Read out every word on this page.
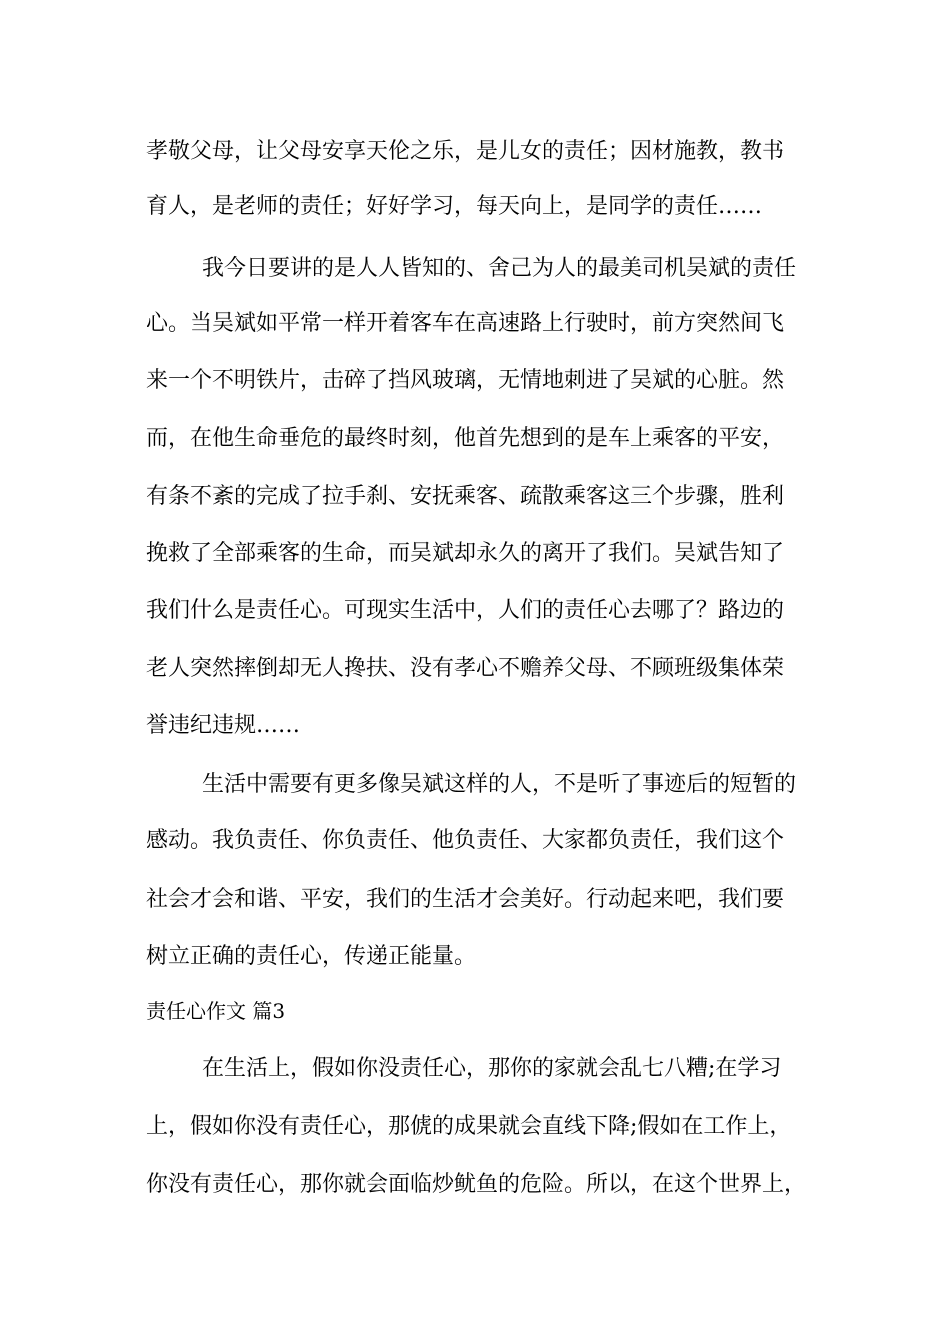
孝敬父母，让父母安享天伦之乐，是儿女的责任；因材施教，教书
育人，是老师的责任；好好学习，每天向上，是同学的责任……
我今日要讲的是人人皆知的、舍己为人的最美司机吴斌的责任
心。当吴斌如平常一样开着客车在高速路上行驶时，前方突然间飞
来一个不明铁片，击碎了挡风玻璃，无情地刺进了吴斌的心脏。然
而，在他生命垂危的最终时刻，他首先想到的是车上乘客的平安，
有条不紊的完成了拉手刹、安抚乘客、疏散乘客这三个步骤，胜利
挽救了全部乘客的生命，而吴斌却永久的离开了我们。吴斌告知了
我们什么是责任心。可现实生活中，人们的责任心去哪了？路边的
老人突然摔倒却无人搀扶、没有孝心不赡养父母、不顾班级集体荣
誉违纪违规……
生活中需要有更多像吴斌这样的人，不是听了事迹后的短暂的
感动。我负责任、你负责任、他负责任、大家都负责任，我们这个
社会才会和谐、平安，我们的生活才会美好。行动起来吧，我们要
树立正确的责任心，传递正能量。
责任心作文 篇3
在生活上，假如你没责任心，那你的家就会乱七八糟;在学习
上，假如你没有责任心，那俿的成果就会直线下降;假如在工作上，
你没有责任心，那你就会面临炒鱿鱼的危险。所以，在这个世界上，
